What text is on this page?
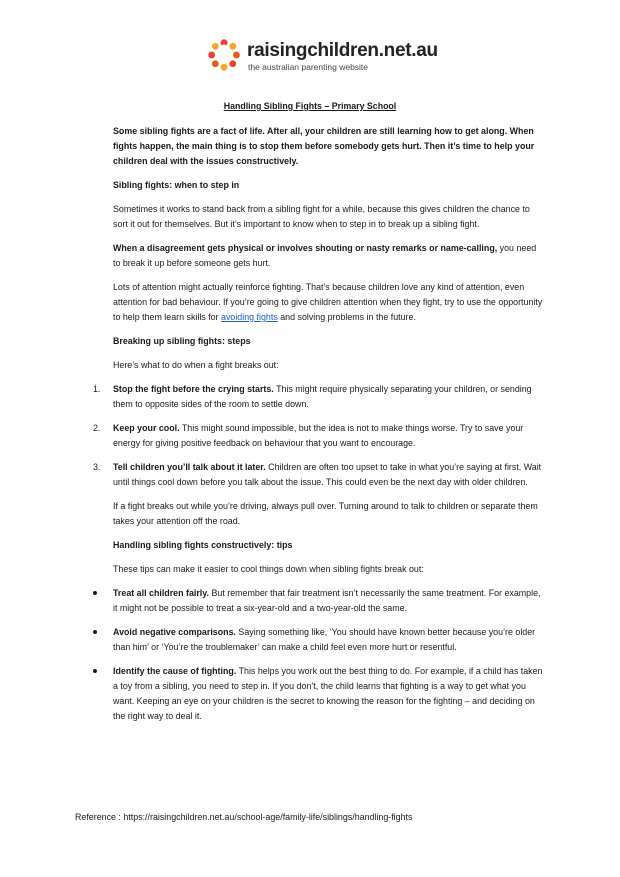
raisingchildren.net.au
the australian parenting website
Handling Sibling Fights – Primary School

Some sibling fights are a fact of life. After all, your children are still learning how to get along. When fights happen, the main thing is to stop them before somebody gets hurt. Then it’s time to help your children deal with the issues constructively.

Sibling fights: when to step in

Sometimes it works to stand back from a sibling fight for a while, because this gives children the chance to sort it out for themselves. But it’s important to know when to step in to break up a sibling fight.

When a disagreement gets physical or involves shouting or nasty remarks or name-calling, you need to break it up before someone gets hurt.

Lots of attention might actually reinforce fighting. That’s because children love any kind of attention, even attention for bad behaviour. If you’re going to give children attention when they fight, try to use the opportunity to help them learn skills for avoiding fights and solving problems in the future.

Breaking up sibling fights: steps

Here’s what to do when a fight breaks out:

1. Stop the fight before the crying starts. This might require physically separating your children, or sending them to opposite sides of the room to settle down.
2. Keep your cool. This might sound impossible, but the idea is not to make things worse. Try to save your energy for giving positive feedback on behaviour that you want to encourage.
3. Tell children you’ll talk about it later. Children are often too upset to take in what you’re saying at first. Wait until things cool down before you talk about the issue. This could even be the next day with older children.

If a fight breaks out while you’re driving, always pull over. Turning around to talk to children or separate them takes your attention off the road.

Handling sibling fights constructively: tips

These tips can make it easier to cool things down when sibling fights break out:

Treat all children fairly. But remember that fair treatment isn’t necessarily the same treatment. For example, it might not be possible to treat a six-year-old and a two-year-old the same.
Avoid negative comparisons. Saying something like, ‘You should have known better because you’re older than him’ or ‘You’re the troublemaker’ can make a child feel even more hurt or resentful.
Identify the cause of fighting. This helps you work out the best thing to do. For example, if a child has taken a toy from a sibling, you need to step in. If you don’t, the child learns that fighting is a way to get what you want. Keeping an eye on your children is the secret to knowing the reason for the fighting – and deciding on the right way to deal it.
Reference : https://raisingchildren.net.au/school-age/family-life/siblings/handling-fights
